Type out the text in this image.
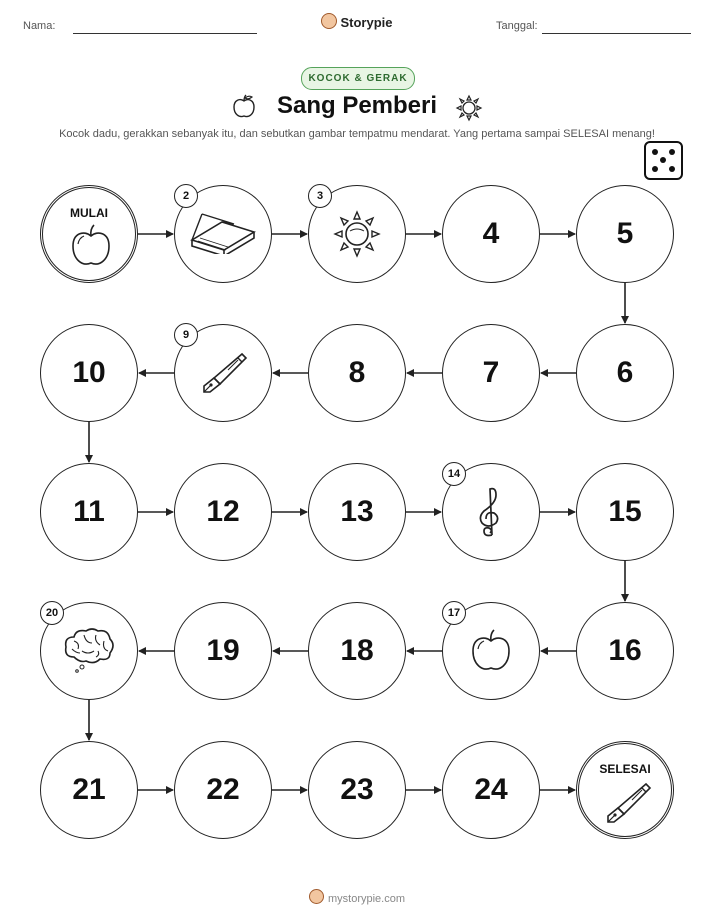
Nama:	Storypie	Tanggal:
KOCOK & GERAK
Sang Pemberi
Kocok dadu, gerakkan sebanyak itu, dan sebutkan gambar tempatmu mendarat. Yang pertama sampai SELESAI menang!
MULAI
2	3
4	5
6
7
8
9
10
11	12	13
14
15
16
17
18
19
20
21	22	23	24
SELESAI
mystorypie.com
